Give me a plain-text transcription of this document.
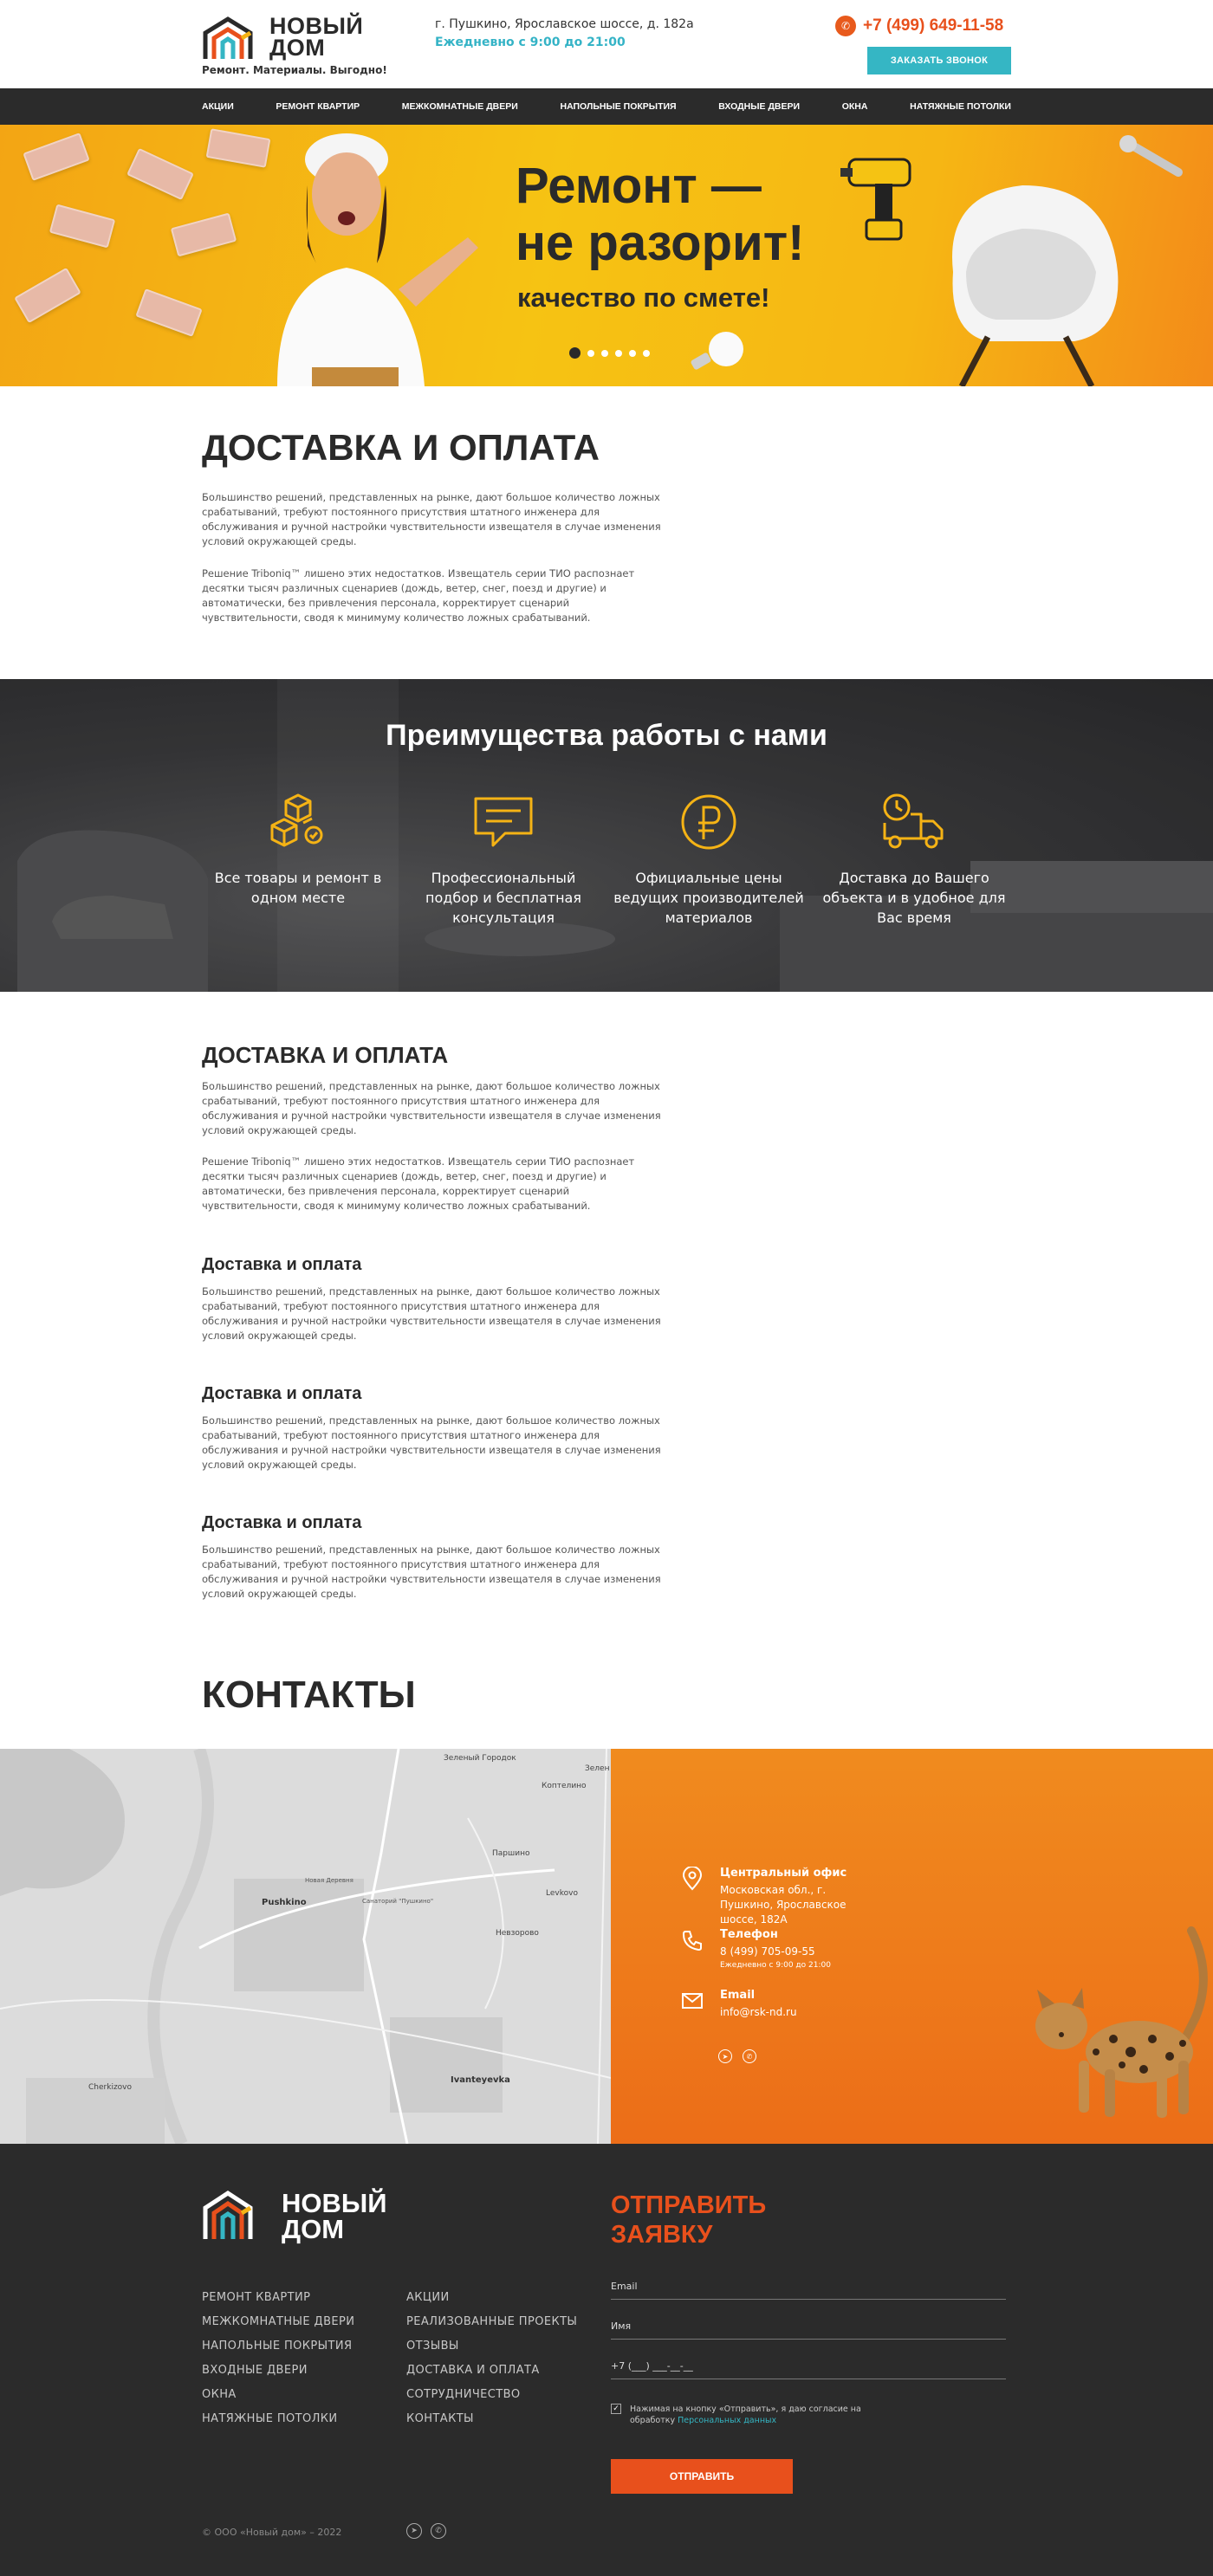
НОВЫЙ
ДОМ
Ремонт. Материалы. Выгодно!
г. Пушкино, Ярославское шоссе, д. 182а
Ежедневно с 9:00 до 21:00
✆ +7 (499) 649-11-58
ЗАКАЗАТЬ ЗВОНОК
АКЦИИ	РЕМОНТ КВАРТИР	МЕЖКОМНАТНЫЕ ДВЕРИ	НАПОЛЬНЫЕ ПОКРЫТИЯ	ВХОДНЫЕ ДВЕРИ	ОКНА	НАТЯЖНЫЕ ПОТОЛКИ
Ремонт —
не разорит!
качество по смете!
ДОСТАВКА И ОПЛАТА

Большинство решений, представленных на рынке, дают большое количество ложных срабатываний, требуют постоянного присутствия штатного инженера для обслуживания и ручной настройки чувствительности извещателя в случае изменения условий окружающей среды.

Решение Triboniq™ лишено этих недостатков. Извещатель серии ТИО распознает десятки тысяч различных сценариев (дождь, ветер, снег, поезд и другие) и автоматически, без привлечения персонала, корректирует сценарий чувствительности, сводя к минимуму количество ложных срабатываний.

Преимущества работы с нами
Все товары и ремонт в одном месте
Профессиональный подбор и бесплатная консультация
Официальные цены ведущих производителей материалов
Доставка до Вашего объекта и в удобное для Вас время
ДОСТАВКА И ОПЛАТА

Большинство решений, представленных на рынке, дают большое количество ложных срабатываний, требуют постоянного присутствия штатного инженера для обслуживания и ручной настройки чувствительности извещателя в случае изменения условий окружающей среды.

Решение Triboniq™ лишено этих недостатков. Извещатель серии ТИО распознает десятки тысяч различных сценариев (дождь, ветер, снег, поезд и другие) и автоматически, без привлечения персонала, корректирует сценарий чувствительности, сводя к минимуму количество ложных срабатываний.

Доставка и оплата

Большинство решений, представленных на рынке, дают большое количество ложных срабатываний, требуют постоянного присутствия штатного инженера для обслуживания и ручной настройки чувствительности извещателя в случае изменения условий окружающей среды.

Доставка и оплата

Большинство решений, представленных на рынке, дают большое количество ложных срабатываний, требуют постоянного присутствия штатного инженера для обслуживания и ручной настройки чувствительности извещателя в случае изменения условий окружающей среды.

Доставка и оплата

Большинство решений, представленных на рынке, дают большое количество ложных срабатываний, требуют постоянного присутствия штатного инженера для обслуживания и ручной настройки чувствительности извещателя в случае изменения условий окружающей среды.

КОНТАКТЫ
Зеленый Городок
Коптелино
Зелен
Паршино
Levkovo
Pushkino
Невзорово
Санаторий "Пушкино"
Cherkizovo
Ivanteyevka
Новая Деревня
Центральный офис
Московская обл., г. Пушкино, Ярославское шоссе, 182А
Телефон
8 (499) 705-09-55
Ежедневно с 9:00 до 21:00
Email
info@rsk-nd.ru
➤	✆
НОВЫЙ
ДОМ
РЕМОНТ КВАРТИР
МЕЖКОМНАТНЫЕ ДВЕРИ
НАПОЛЬНЫЕ ПОКРЫТИЯ
ВХОДНЫЕ ДВЕРИ
ОКНА
НАТЯЖНЫЕ ПОТОЛКИ
АКЦИИ
РЕАЛИЗОВАННЫЕ ПРОЕКТЫ
ОТЗЫВЫ
ДОСТАВКА И ОПЛАТА
СОТРУДНИЧЕСТВО
КОНТАКТЫ
ОТПРАВИТЬ
ЗАЯВКУ
Email
Имя
+7 (___) ___-__-__
✓ Нажимая на кнопку «Отправить», я даю согласие на обработку Персональных данных
ОТПРАВИТЬ
© ООО «Новый дом» – 2022	➤	✆
